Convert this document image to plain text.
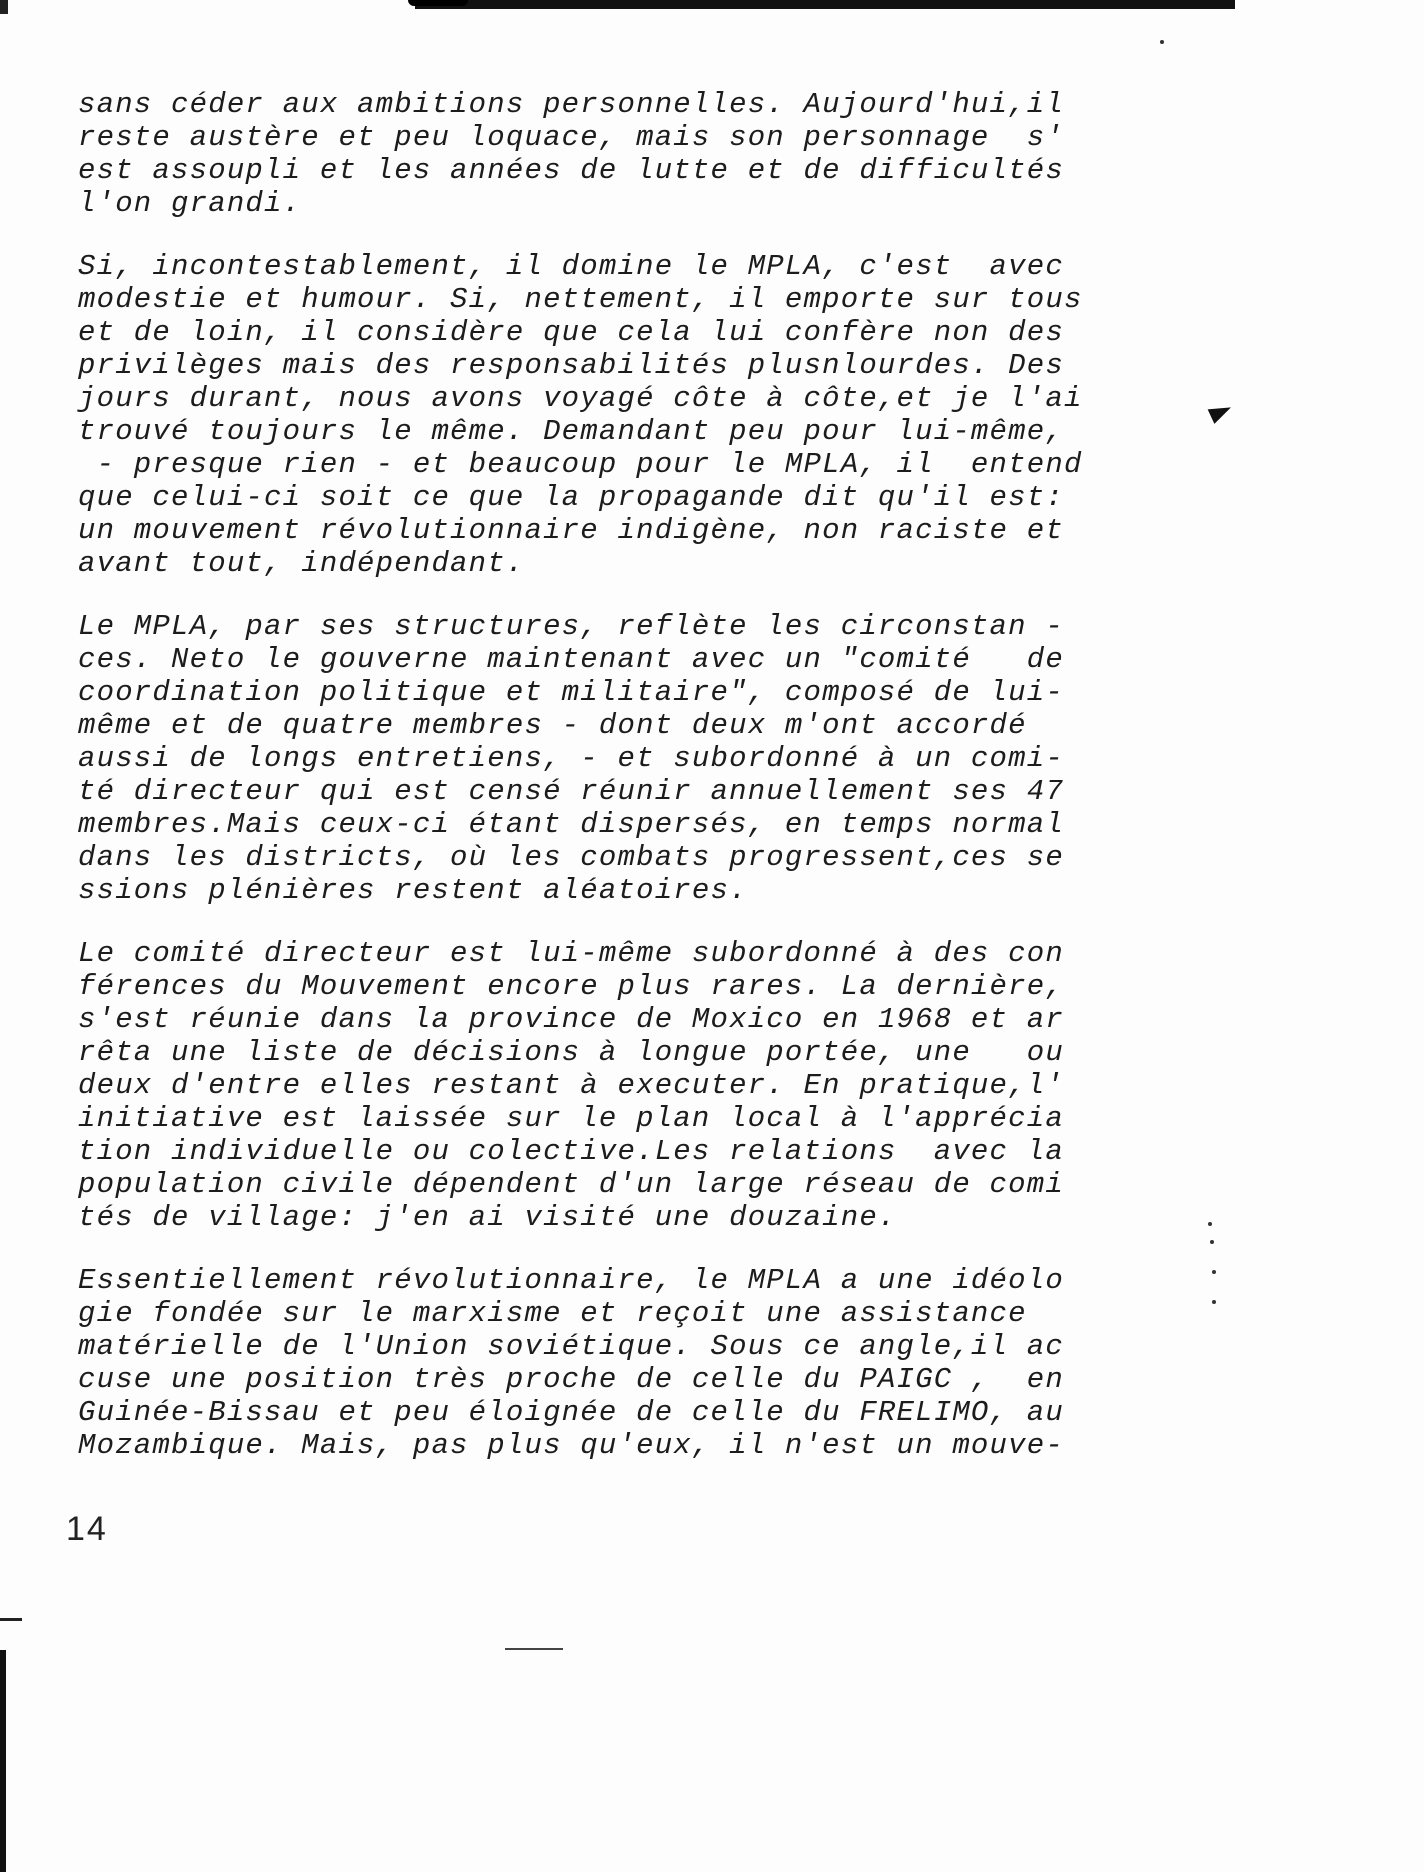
sans céder aux ambitions personnelles. Aujourd'hui,il
reste austère et peu loquace, mais son personnage  s'
est assoupli et les années de lutte et de difficultés
l'on grandi.
Si, incontestablement, il domine le MPLA, c'est  avec
modestie et humour. Si, nettement, il emporte sur tous
et de loin, il considère que cela lui confère non des
privilèges mais des responsabilités plusnlourdes. Des
jours durant, nous avons voyagé côte à côte,et je l'ai
trouvé toujours le même. Demandant peu pour lui-même,
- presque rien - et beaucoup pour le MPLA, il  entend
que celui-ci soit ce que la propagande dit qu'il est:
un mouvement révolutionnaire indigène, non raciste et
avant tout, indépendant.
Le MPLA, par ses structures, reflète les circonstan -
ces. Neto le gouverne maintenant avec un "comité   de
coordination politique et militaire", composé de lui-
même et de quatre membres - dont deux m'ont accordé
aussi de longs entretiens, - et subordonné à un comi-
té directeur qui est censé réunir annuellement ses 47
membres.Mais ceux-ci étant dispersés, en temps normal
dans les districts, où les combats progressent,ces se
ssions plénières restent aléatoires.
Le comité directeur est lui-même subordonné à des con
férences du Mouvement encore plus rares. La dernière,
s'est réunie dans la province de Moxico en 1968 et ar
rêta une liste de décisions à longue portée, une   ou
deux d'entre elles restant à executer. En pratique,l'
initiative est laissée sur le plan local à l'apprécia
tion individuelle ou colective.Les relations  avec la
population civile dépendent d'un large réseau de comi
tés de village: j'en ai visité une douzaine.
Essentiellement révolutionnaire, le MPLA a une idéolo
gie fondée sur le marxisme et reçoit une assistance
matérielle de l'Union soviétique. Sous ce angle,il ac
cuse une position très proche de celle du PAIGC ,  en
Guinée-Bissau et peu éloignée de celle du FRELIMO, au
Mozambique. Mais, pas plus qu'eux, il n'est un mouve-
14
